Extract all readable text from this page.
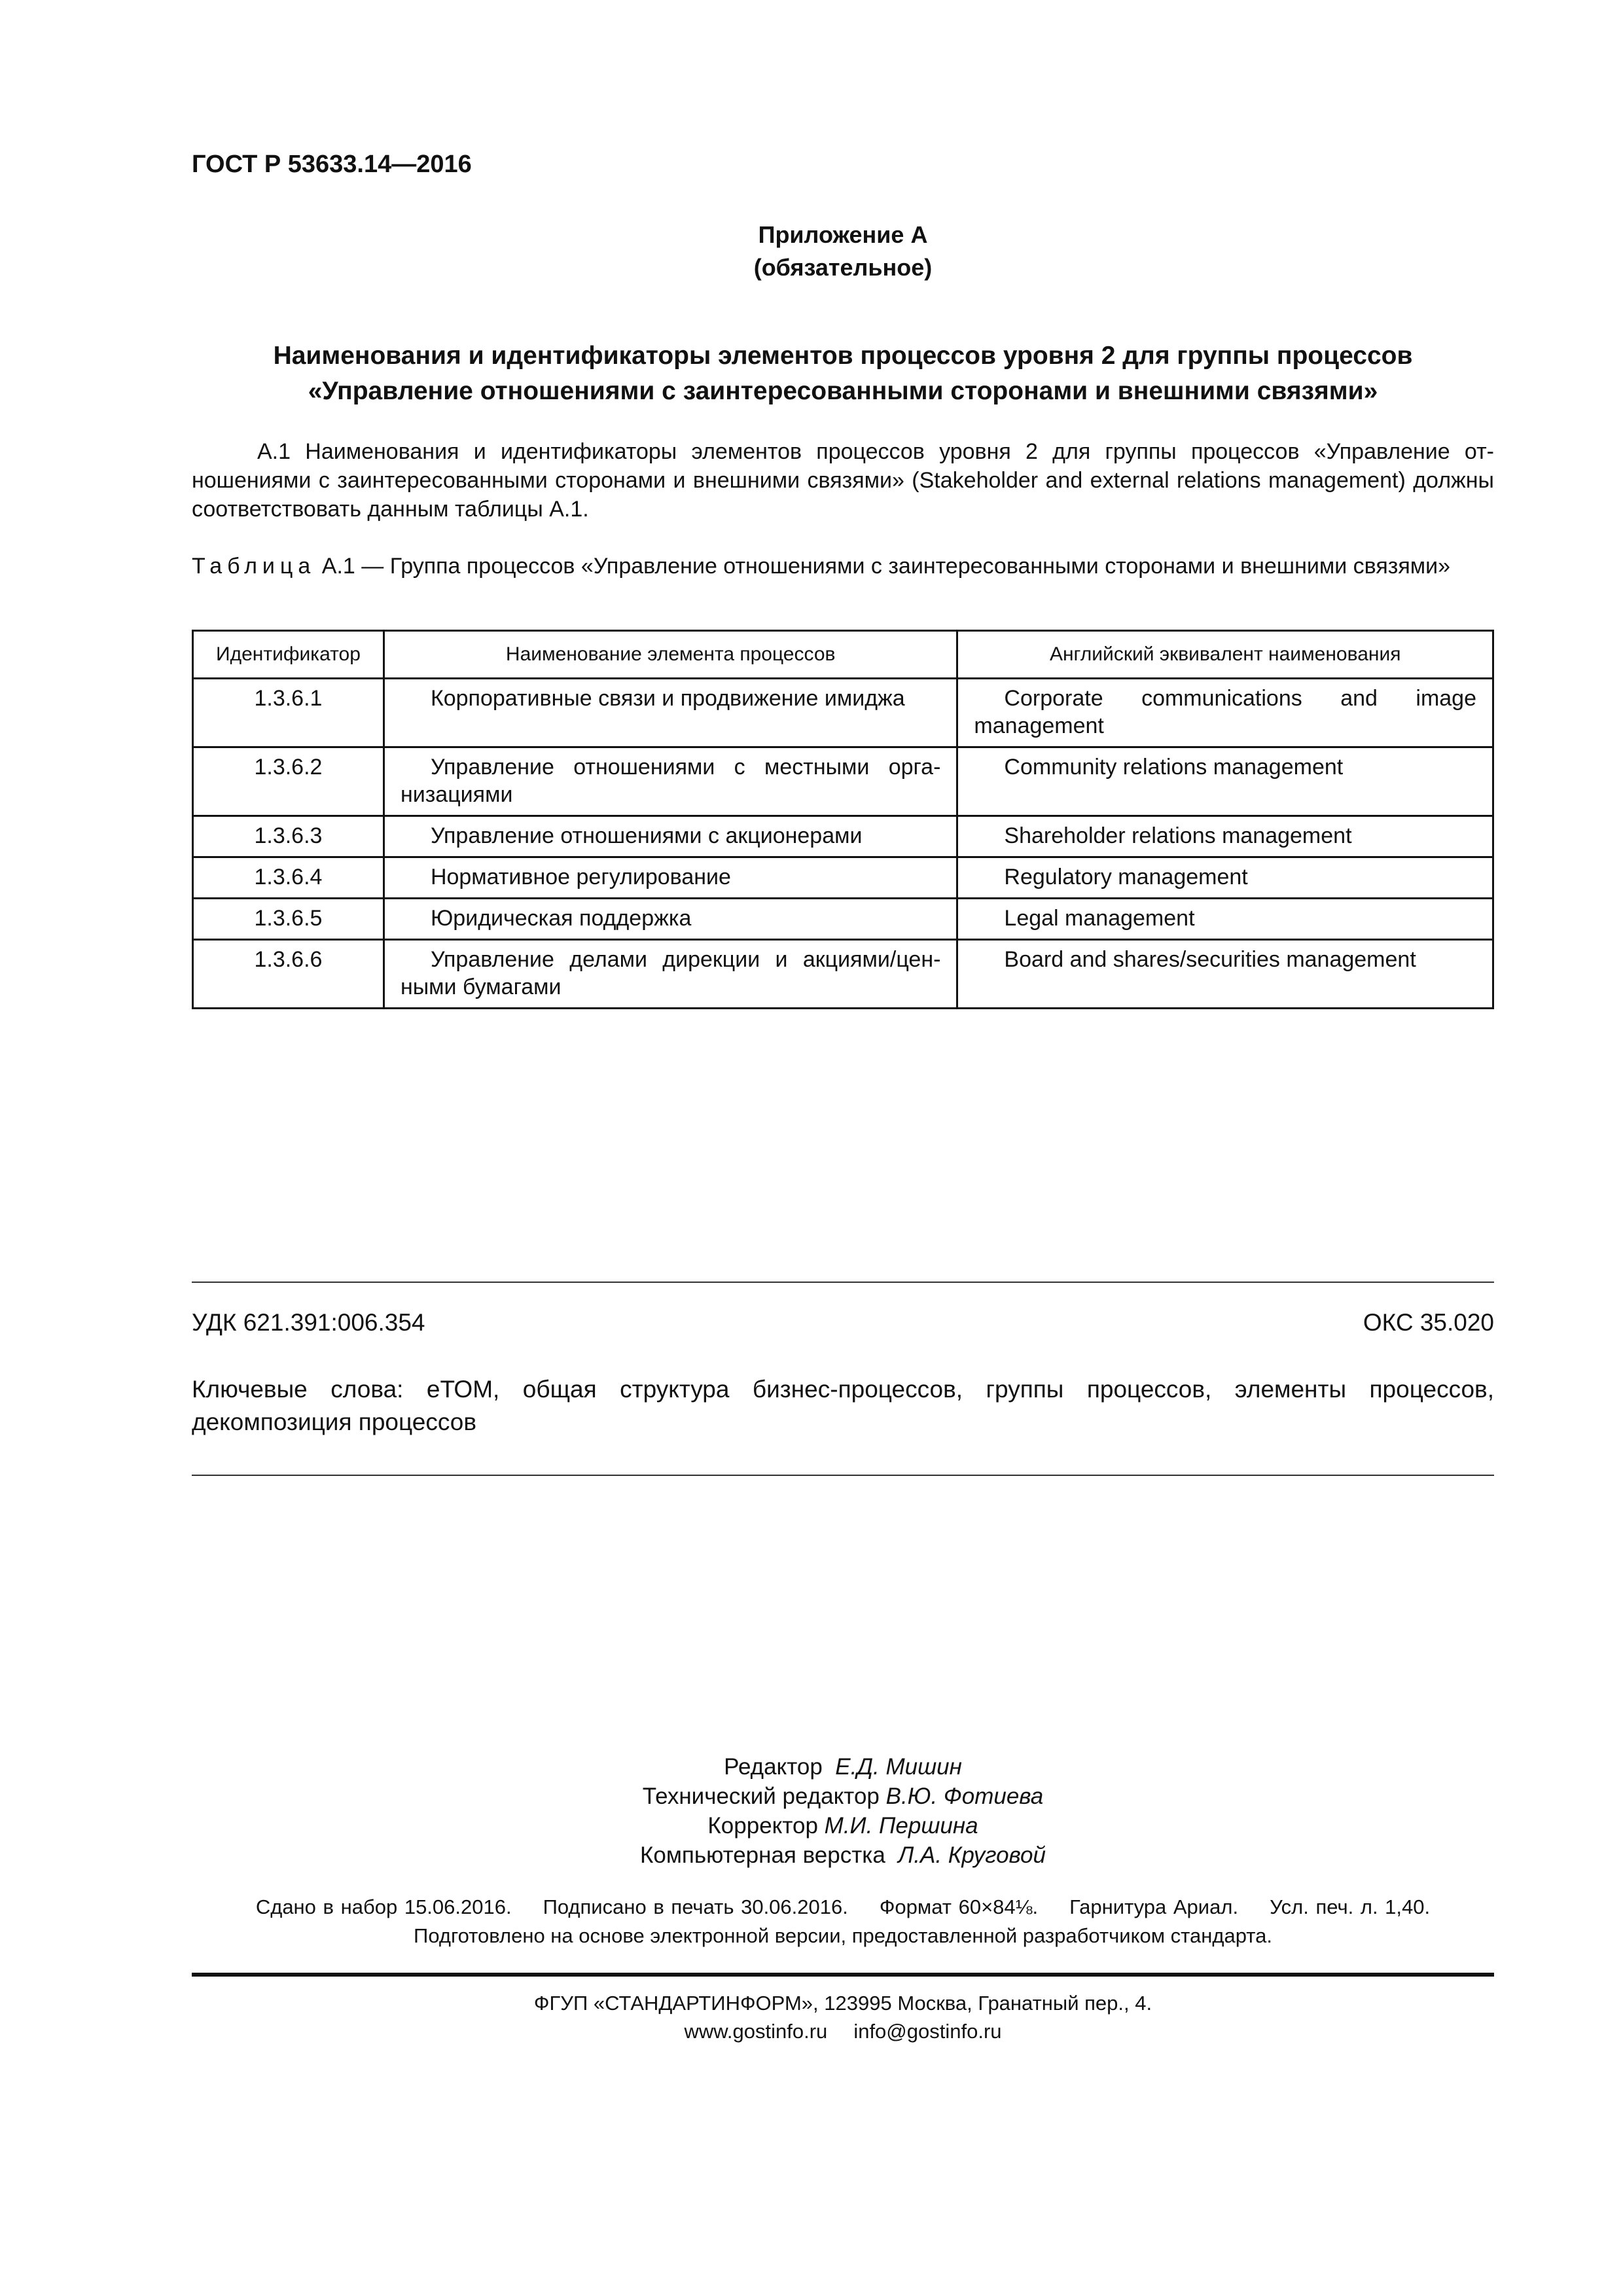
ГОСТ Р 53633.14—2016
Приложение А
(обязательное)
Наименования и идентификаторы элементов процессов уровня 2 для группы процессов
«Управление отношениями с заинтересованными сторонами и внешними связями»
А.1 Наименования и идентификаторы элементов процессов уровня 2 для группы процессов «Управление от-ношениями с заинтересованными сторонами и внешними связями» (Stakeholder and external relations management) должны соответствовать данным таблицы А.1.
Таблица А.1 — Группа процессов «Управление отношениями с заинтересованными сторонами и внешними связями»
Идентификатор	Наименование элемента процессов	Английский эквивалент наименования
1.3.6.1	Корпоративные связи и продвижение имиджа	Corporate communications and image management
1.3.6.2	Управление отношениями с местными орга-низациями	Community relations management
1.3.6.3	Управление отношениями с акционерами	Shareholder relations management
1.3.6.4	Нормативное регулирование	Regulatory management
1.3.6.5	Юридическая поддержка	Legal management
1.3.6.6	Управление делами дирекции и акциями/цен-ными бумагами	Board and shares/securities management
УДК 621.391:006.354	ОКС 35.020
Ключевые слова: еТОМ, общая структура бизнес-процессов, группы процессов, элементы процессов, декомпозиция процессов
Редактор Е.Д. Мишин
Технический редактор В.Ю. Фотиева
Корректор М.И. Першина
Компьютерная верстка Л.А. Круговой
Сдано в набор 15.06.2016. Подписано в печать 30.06.2016. Формат 60×84⅛. Гарнитура Ариал. Усл. печ. л. 1,40.
Подготовлено на основе электронной версии, предоставленной разработчиком стандарта.
ФГУП «СТАНДАРТИНФОРМ», 123995 Москва, Гранатный пер., 4.
www.gostinfo.ru info@gostinfo.ru
